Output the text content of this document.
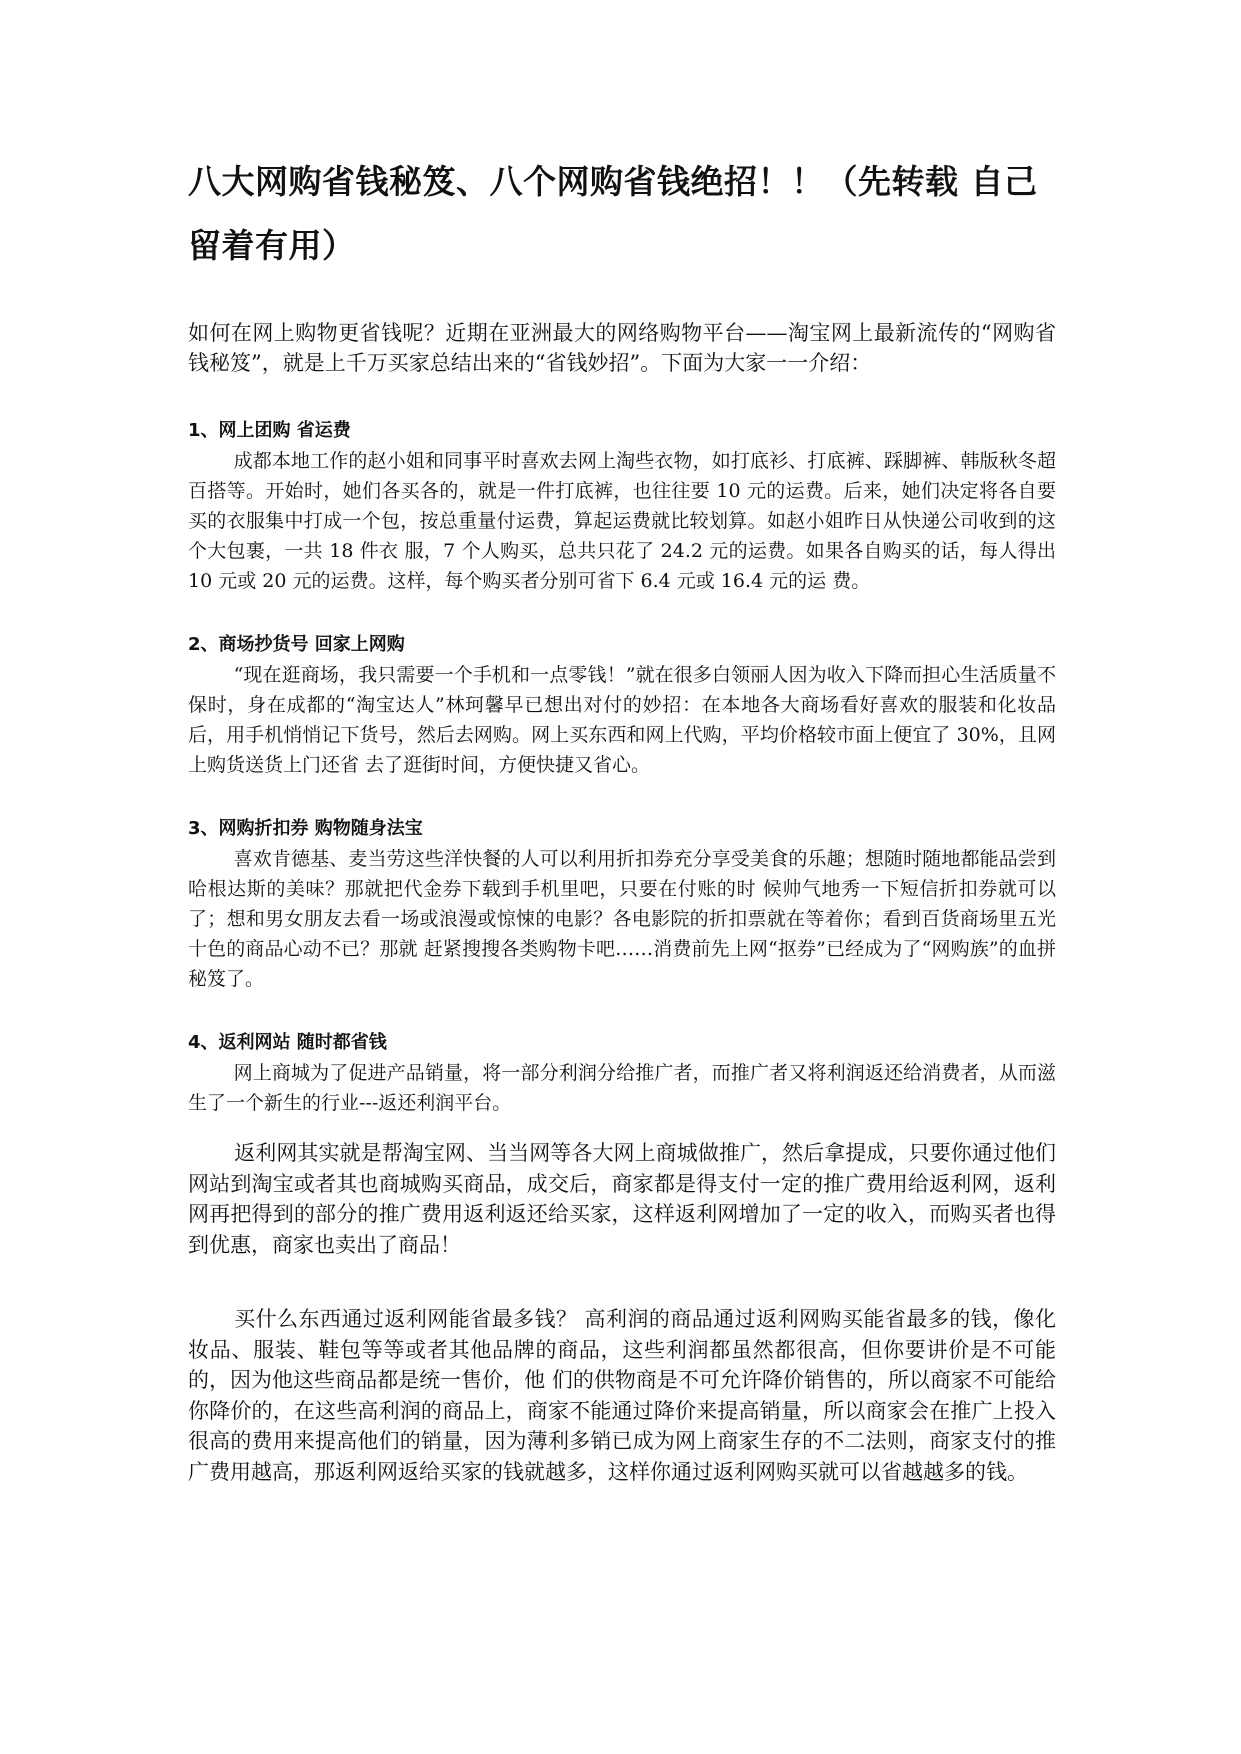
八大网购省钱秘笈、八个网购省钱绝招！！（先转载 自己留着有用）

如何在网上购物更省钱呢？近期在亚洲最大的网络购物平台——淘宝网上最新流传的“网购省钱秘笈”，就是上千万买家总结出来的“省钱妙招”。下面为大家一一介绍：

1、网上团购 省运费

成都本地工作的赵小姐和同事平时喜欢去网上淘些衣物，如打底衫、打底裤、踩脚裤、韩版秋冬超百搭等。开始时，她们各买各的，就是一件打底裤，也往往要 10 元的运费。后来，她们决定将各自要买的衣服集中打成一个包，按总重量付运费，算起运费就比较划算。如赵小姐昨日从快递公司收到的这个大包裹，一共 18 件衣 服，7 个人购买，总共只花了 24.2 元的运费。如果各自购买的话，每人得出 10 元或 20 元的运费。这样，每个购买者分别可省下 6.4 元或 16.4 元的运 费。

2、商场抄货号 回家上网购

“现在逛商场，我只需要一个手机和一点零钱！”就在很多白领丽人因为收入下降而担心生活质量不保时，身在成都的“淘宝达人”林珂馨早已想出对付的妙招：在本地各大商场看好喜欢的服装和化妆品后，用手机悄悄记下货号，然后去网购。网上买东西和网上代购，平均价格较市面上便宜了 30%，且网上购货送货上门还省 去了逛街时间，方便快捷又省心。

3、网购折扣券 购物随身法宝

喜欢肯德基、麦当劳这些洋快餐的人可以利用折扣券充分享受美食的乐趣；想随时随地都能品尝到哈根达斯的美味？那就把代金券下载到手机里吧，只要在付账的时 候帅气地秀一下短信折扣券就可以了；想和男女朋友去看一场或浪漫或惊悚的电影？各电影院的折扣票就在等着你；看到百货商场里五光十色的商品心动不已？那就 赶紧搜搜各类购物卡吧……消费前先上网“抠券”已经成为了“网购族”的血拼秘笈了。

4、返利网站 随时都省钱

网上商城为了促进产品销量，将一部分利润分给推广者，而推广者又将利润返还给消费者，从而滋生了一个新生的行业---返还利润平台。

返利网其实就是帮淘宝网、当当网等各大网上商城做推广，然后拿提成，只要你通过他们网站到淘宝或者其也商城购买商品，成交后，商家都是得支付一定的推广费用给返利网，返利网再把得到的部分的推广费用返利返还给买家，这样返利网增加了一定的收入，而购买者也得到优惠，商家也卖出了商品！

买什么东西通过返利网能省最多钱？ 高利润的商品通过返利网购买能省最多的钱，像化妆品、服装、鞋包等等或者其他品牌的商品，这些利润都虽然都很高，但你要讲价是不可能的，因为他这些商品都是统一售价，他 们的供物商是不可允许降价销售的，所以商家不可能给你降价的，在这些高利润的商品上，商家不能通过降价来提高销量，所以商家会在推广上投入很高的费用来提高他们的销量，因为薄利多销已成为网上商家生存的不二法则，商家支付的推广费用越高，那返利网返给买家的钱就越多，这样你通过返利网购买就可以省越越多的钱。
